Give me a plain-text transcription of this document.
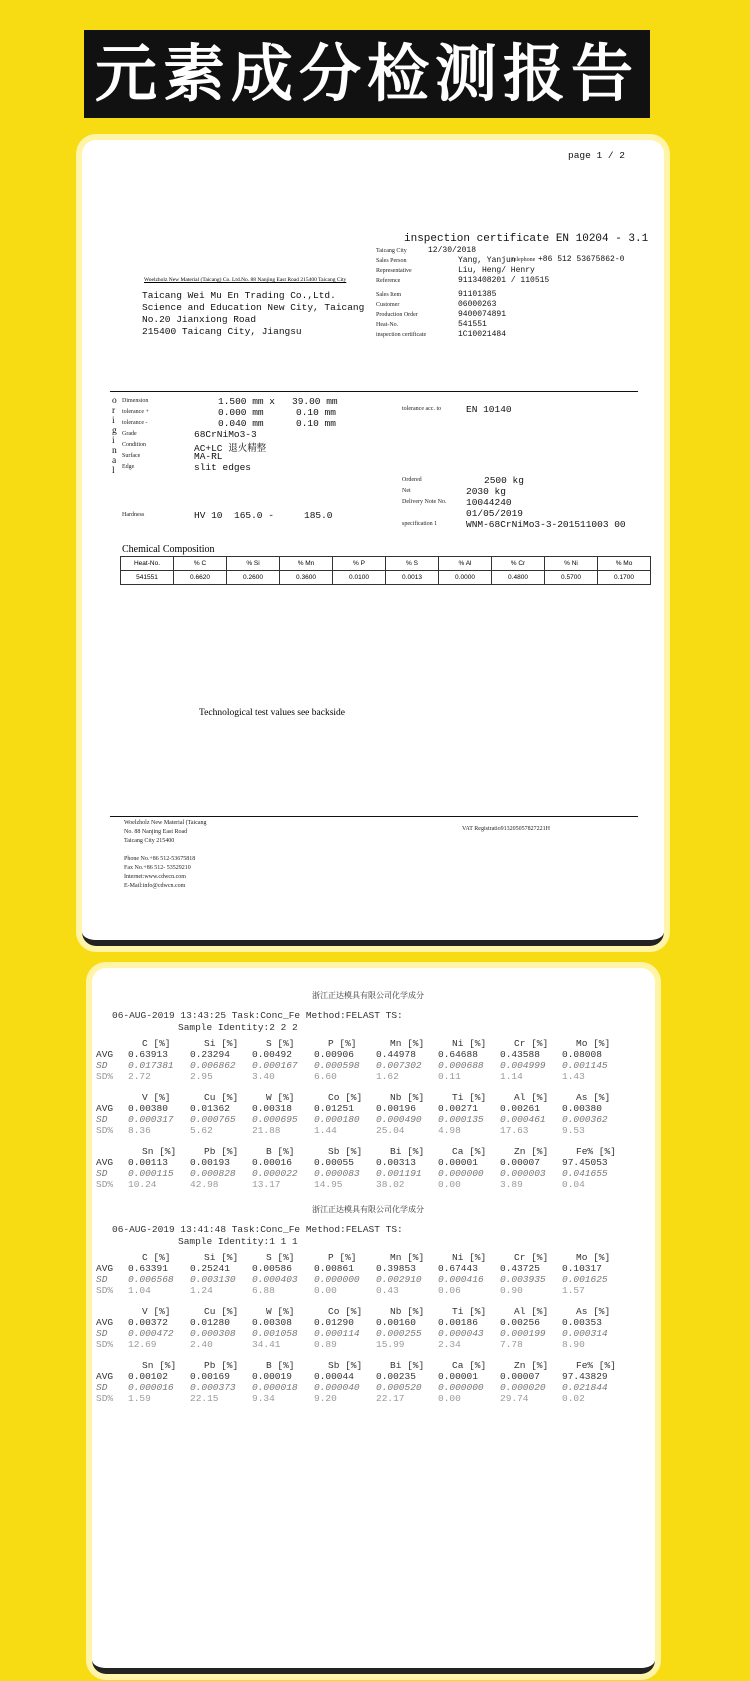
元素成分检测报告
page 1 / 2
inspection certificate EN 10204 - 3.1
telephone +86 512 53675862-0
Woelzholz New Material (Taicang) Co. Ltd.No. 88 Nanjing East Road 215400 Taicang City
Dimension	1.500 mm x 39.00 mm
tolerance +	0.000 mm	0.10 mm
tolerance -	0.040 mm	0.10 mm
Grade	68CrNiMo3-3
Condition	AC+LC 退火精整
Surface	MA-RL
Edge	slit edges
tolerance acc. to	EN 10140
Ordered	2500 kg
Net	2030 kg
Delivery Note No. 10044240
01/05/2019
specification 1	WNM-68CrNiMo3-3-201511003 00
Hardness	HV 10 165.0 -	185.0
Chemical Composition
Heat-No.	% C	% Si	% Mn	% P	% S	% Al	% Cr	% Ni	% Mo
541551	0.6620	0.2600	0.3600	0.0100	0.0013	0.0000	0.4800	0.5700	0.1700
Technological test values see backside
VAT Registratio913205057827221H
Taicang City	12/30/2018
Sales Person	Yang, Yanjun
Representative	Liu, Heng/ Henry
Reference	9113408201 / 110515
Sales Item	91101385
Customer	06000263
Production Order	9400074891
Heat-No.	541551
inspection certificate	1C10021484
Taicang Wei Mu En Trading Co.,Ltd.
Science and Education New City, Taicang
No.20 Jianxiong Road
215400 Taicang City, Jiangsu
o
r
i
g
i
n
a
l
Woelzholz New Material (Taicang
No. 88 Nanjing East Road
Taicang City 215400
Phone No.+86 512-53675818
Fax No.+86 512- 53529210
Internet:www.cdwcn.com
E-Mail:info@cdwcn.com
浙江正达模具有限公司化学成分
06-AUG-2019 13:43:25 Task:Conc_Fe Method:FELAST TS:
Sample Identity:2 2 2
C [%]	Si [%]	S [%]	P [%]	Mn [%]	Ni [%]	Cr [%]	Mo [%]
AVG 0.63913 0.23294 0.00492 0.00906 0.44978 0.64688 0.43588 0.08008
SD 0.017381 0.006862 0.000167 0.000598 0.007302 0.000688 0.004999 0.001145
SD% 2.72	2.95	3.40	6.60	1.62	0.11	1.14	1.43
V [%]	Cu [%]	W [%]	Co [%]	Nb [%]	Ti [%]	Al [%]	As [%]
AVG 0.00380 0.01362 0.00318 0.01251 0.00196 0.00271 0.00261 0.00380
SD 0.000317 0.000765 0.000695 0.000180 0.000490 0.000135 0.000461 0.000362
SD% 8.36	5.62	21.88	1.44	25.04	4.98	17.63	9.53
Sn [%]	Pb [%]	B [%]	Sb [%]	Bi [%]	Ca [%]	Zn [%]	Fe% [%]
AVG 0.00113 0.00193 0.00016 0.00055 0.00313 0.00001 0.00007 97.45053
SD 0.000115 0.000828 0.000022 0.000083 0.001191 0.000000 0.000003 0.041655
SD% 10.24	42.98	13.17	14.95	38.02	0.00	3.89	0.04
浙江正达模具有限公司化学成分
06-AUG-2019 13:41:48 Task:Conc_Fe Method:FELAST TS:
Sample Identity:1 1 1
C [%]	Si [%]	S [%]	P [%]	Mn [%]	Ni [%]	Cr [%]	Mo [%]
AVG 0.63391 0.25241 0.00586 0.00861 0.39853 0.67443 0.43725 0.10317
SD 0.006568 0.003130 0.000403 0.000000 0.002910 0.000416 0.003935 0.001625
SD% 1.04	1.24	6.88	0.00	0.43	0.06	0.90	1.57
V [%]	Cu [%]	W [%]	Co [%]	Nb [%]	Ti [%]	Al [%]	As [%]
AVG 0.00372 0.01280 0.00308 0.01290 0.00160 0.00186 0.00256 0.00353
SD 0.000472 0.000308 0.001058 0.000114 0.000255 0.000043 0.000199 0.000314
SD% 12.69	2.40	34.41	0.89	15.99	2.34	7.78	8.90
Sn [%]	Pb [%]	B [%]	Sb [%]	Bi [%]	Ca [%]	Zn [%]	Fe% [%]
AVG 0.00102 0.00169 0.00019 0.00044 0.00235 0.00001 0.00007 97.43829
SD 0.000016 0.000373 0.000018 0.000040 0.000520 0.000000 0.000020 0.021844
SD% 1.59	22.15	9.34	9.20	22.17	0.00	29.74	0.02
